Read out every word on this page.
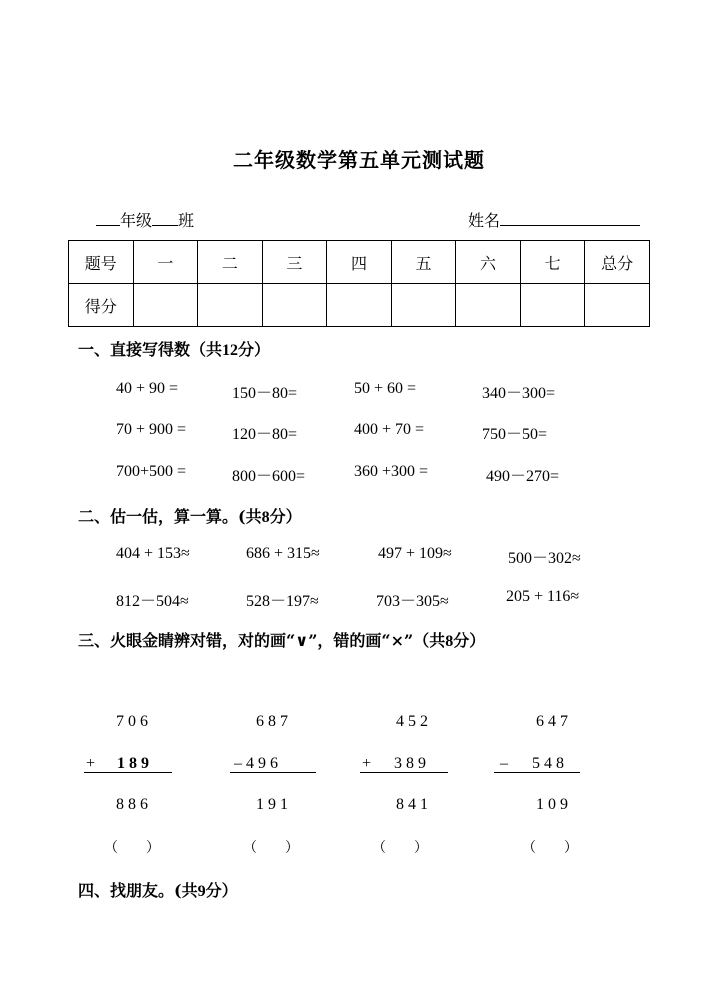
二年级数学第五单元测试题
年级 班	姓名
题号	一	二	三	四	五	六	七	总分
得分								
一、直接写得数（共12分）
40 + 90 =	150－80=	50 + 60 =	340－300=
70 + 900 =	120－80=	400 + 70 =	750－50=
700+500 =	800－600=	360 +300 =	490－270=
二、估一估，算一算。(共8分）
404 + 153≈	686 + 315≈	497 + 109≈	500－302≈
812－504≈	528－197≈	703－305≈	205 + 116≈
三、火眼金睛辨对错，对的画“∨”，错的画“×”（共8分）
706
+ 189
886
（　　）
687
– 496
191
（　　）
452
+ 389
841
（　　）
647
– 548
109
（　　）
四、找朋友。(共9分）
